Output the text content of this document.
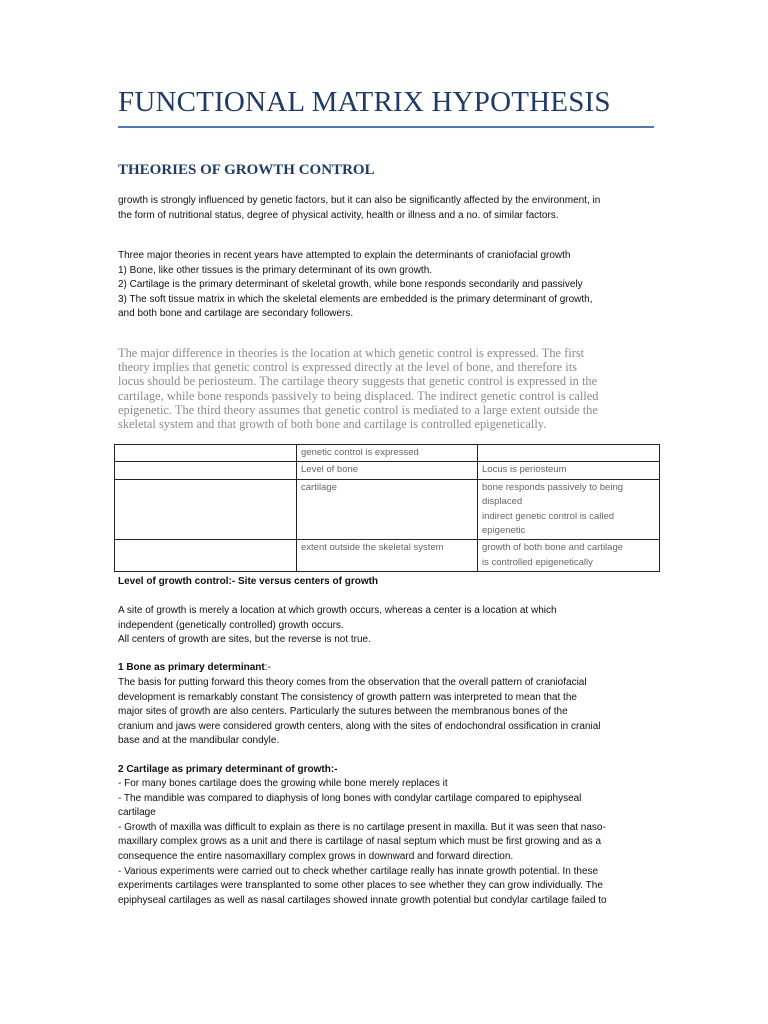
FUNCTIONAL MATRIX HYPOTHESIS
THEORIES OF GROWTH CONTROL
growth is strongly influenced by genetic factors, but it can also be significantly affected by the environment, in
the form of nutritional status, degree of physical activity, health or illness and a no. of similar factors.
Three major theories in recent years have attempted to explain the determinants of craniofacial growth
1) Bone, like other tissues is the primary determinant of its own growth.
2) Cartilage is the primary determinant of skeletal growth, while bone responds secondarily and passively
3) The soft tissue matrix in which the skeletal elements are embedded is the primary determinant of growth,
and both bone and cartilage are secondary followers.
The major difference in theories is the location at which genetic control is expressed. The first
theory implies that genetic control is expressed directly at the level of bone, and therefore its
locus should be periosteum. The cartilage theory suggests that genetic control is expressed in the
cartilage, while bone responds passively to being displaced. The indirect genetic control is called
epigenetic. The third theory assumes that genetic control is mediated to a large extent outside the
skeletal system and that growth of both bone and cartilage is controlled epigenetically.
	genetic control is expressed	
	Level of bone	Locus is periosteum
	cartilage	bone responds passively to being
displaced
indirect genetic control is called
epigenetic
	extent outside the skeletal system	growth of both bone and cartilage
is controlled epigenetically
Level of growth control:- Site versus centers of growth
A site of growth is merely a location at which growth occurs, whereas a center is a location at which
independent (genetically controlled) growth occurs.
All centers of growth are sites, but the reverse is not true.
1 Bone as primary determinant:-
The basis for putting forward this theory comes from the observation that the overall pattern of craniofacial
development is remarkably constant The consistency of growth pattern was interpreted to mean that the
major sites of growth are also centers. Particularly the sutures between the membranous bones of the
cranium and jaws were considered growth centers, along with the sites of endochondral ossification in cranial
base and at the mandibular condyle.
2 Cartilage as primary determinant of growth:-
- For many bones cartilage does the growing while bone merely replaces it
- The mandible was compared to diaphysis of long bones with condylar cartilage compared to epiphyseal
cartilage
- Growth of maxilla was difficult to explain as there is no cartilage present in maxilla. But it was seen that naso-
maxillary complex grows as a unit and there is cartilage of nasal septum which must be first growing and as a
consequence the entire nasomaxillary complex grows in downward and forward direction.
- Various experiments were carried out to check whether cartilage really has innate growth potential. In these
experiments cartilages were transplanted to some other places to see whether they can grow individually. The
epiphyseal cartilages as well as nasal cartilages showed innate growth potential but condylar cartilage failed to
